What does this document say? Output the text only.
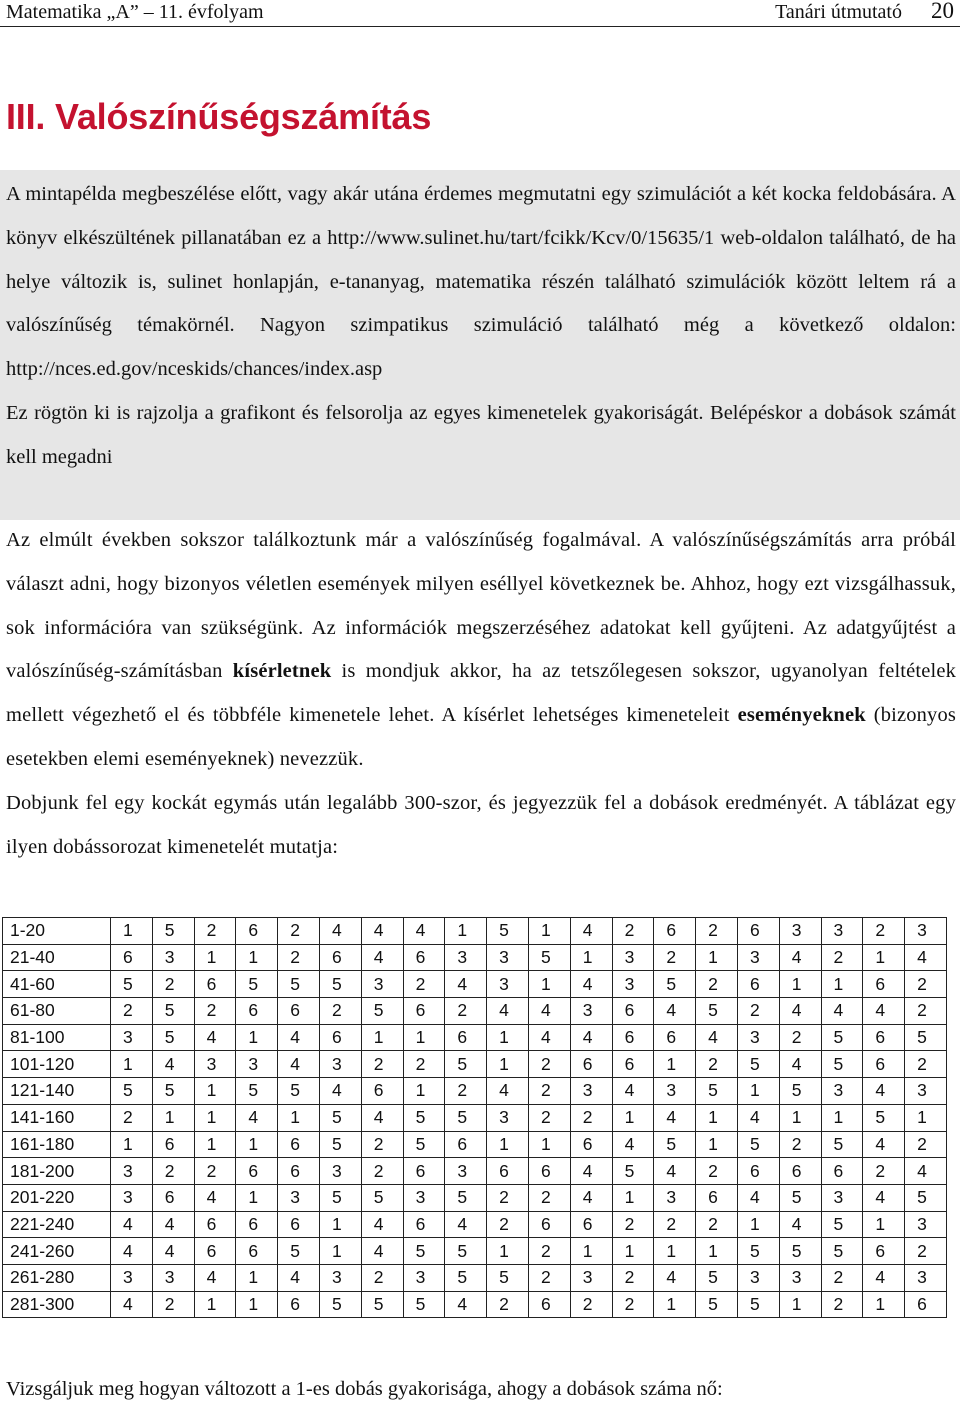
Matematika „A” – 11. évfolyam	Tanári útmutató 20
III. Valószínűségszámítás

A mintapélda megbeszélése előtt, vagy akár utána érdemes megmutatni egy szimulációt a két kocka feldobására. A könyv elkészültének pillanatában ez a http://www.sulinet.hu/tart/fcikk/Kcv/0/15635/1 web-oldalon található, de ha helye változik is, sulinet honlapján, e-tananyag, matematika részén található szimulációk között leltem rá a valószínűség témakörnél. Nagyon szimpatikus szimuláció található még a következő oldalon: http://nces.ed.gov/nceskids/chances/index.asp

Ez rögtön ki is rajzolja a grafikont és felsorolja az egyes kimenetelek gyakoriságát. Belépéskor a dobások számát kell megadni

Az elmúlt években sokszor találkoztunk már a valószínűség fogalmával. A valószínűségszámítás arra próbál választ adni, hogy bizonyos véletlen események milyen eséllyel következnek be. Ahhoz, hogy ezt vizsgálhassuk, sok információra van szükségünk. Az információk megszerzéséhez adatokat kell gyűjteni. Az adatgyűjtést a valószínűség-számításban kísérletnek is mondjuk akkor, ha az tetszőlegesen sokszor, ugyanolyan feltételek mellett végezhető el és többféle kimenetele lehet. A kísérlet lehetséges kimeneteleit eseményeknek (bizonyos esetekben elemi eseményeknek) nevezzük.

Dobjunk fel egy kockát egymás után legalább 300-szor, és jegyezzük fel a dobások eredményét. A táblázat egy ilyen dobássorozat kimenetelét mutatja:

1-20	1	5	2	6	2	4	4	4	1	5	1	4	2	6	2	6	3	3	2	3
21-40	6	3	1	1	2	6	4	6	3	3	5	1	3	2	1	3	4	2	1	4
41-60	5	2	6	5	5	5	3	2	4	3	1	4	3	5	2	6	1	1	6	2
61-80	2	5	2	6	6	2	5	6	2	4	4	3	6	4	5	2	4	4	4	2
81-100	3	5	4	1	4	6	1	1	6	1	4	4	6	6	4	3	2	5	6	5
101-120	1	4	3	3	4	3	2	2	5	1	2	6	6	1	2	5	4	5	6	2
121-140	5	5	1	5	5	4	6	1	2	4	2	3	4	3	5	1	5	3	4	3
141-160	2	1	1	4	1	5	4	5	5	3	2	2	1	4	1	4	1	1	5	1
161-180	1	6	1	1	6	5	2	5	6	1	1	6	4	5	1	5	2	5	4	2
181-200	3	2	2	6	6	3	2	6	3	6	6	4	5	4	2	6	6	6	2	4
201-220	3	6	4	1	3	5	5	3	5	2	2	4	1	3	6	4	5	3	4	5
221-240	4	4	6	6	6	1	4	6	4	2	6	6	2	2	2	1	4	5	1	3
241-260	4	4	6	6	5	1	4	5	5	1	2	1	1	1	1	5	5	5	6	2
261-280	3	3	4	1	4	3	2	3	5	5	2	3	2	4	5	3	3	2	4	3
281-300	4	2	1	1	6	5	5	5	4	2	6	2	2	1	5	5	1	2	1	6
Vizsgáljuk meg hogyan változott a 1-es dobás gyakorisága, ahogy a dobások száma nő:
